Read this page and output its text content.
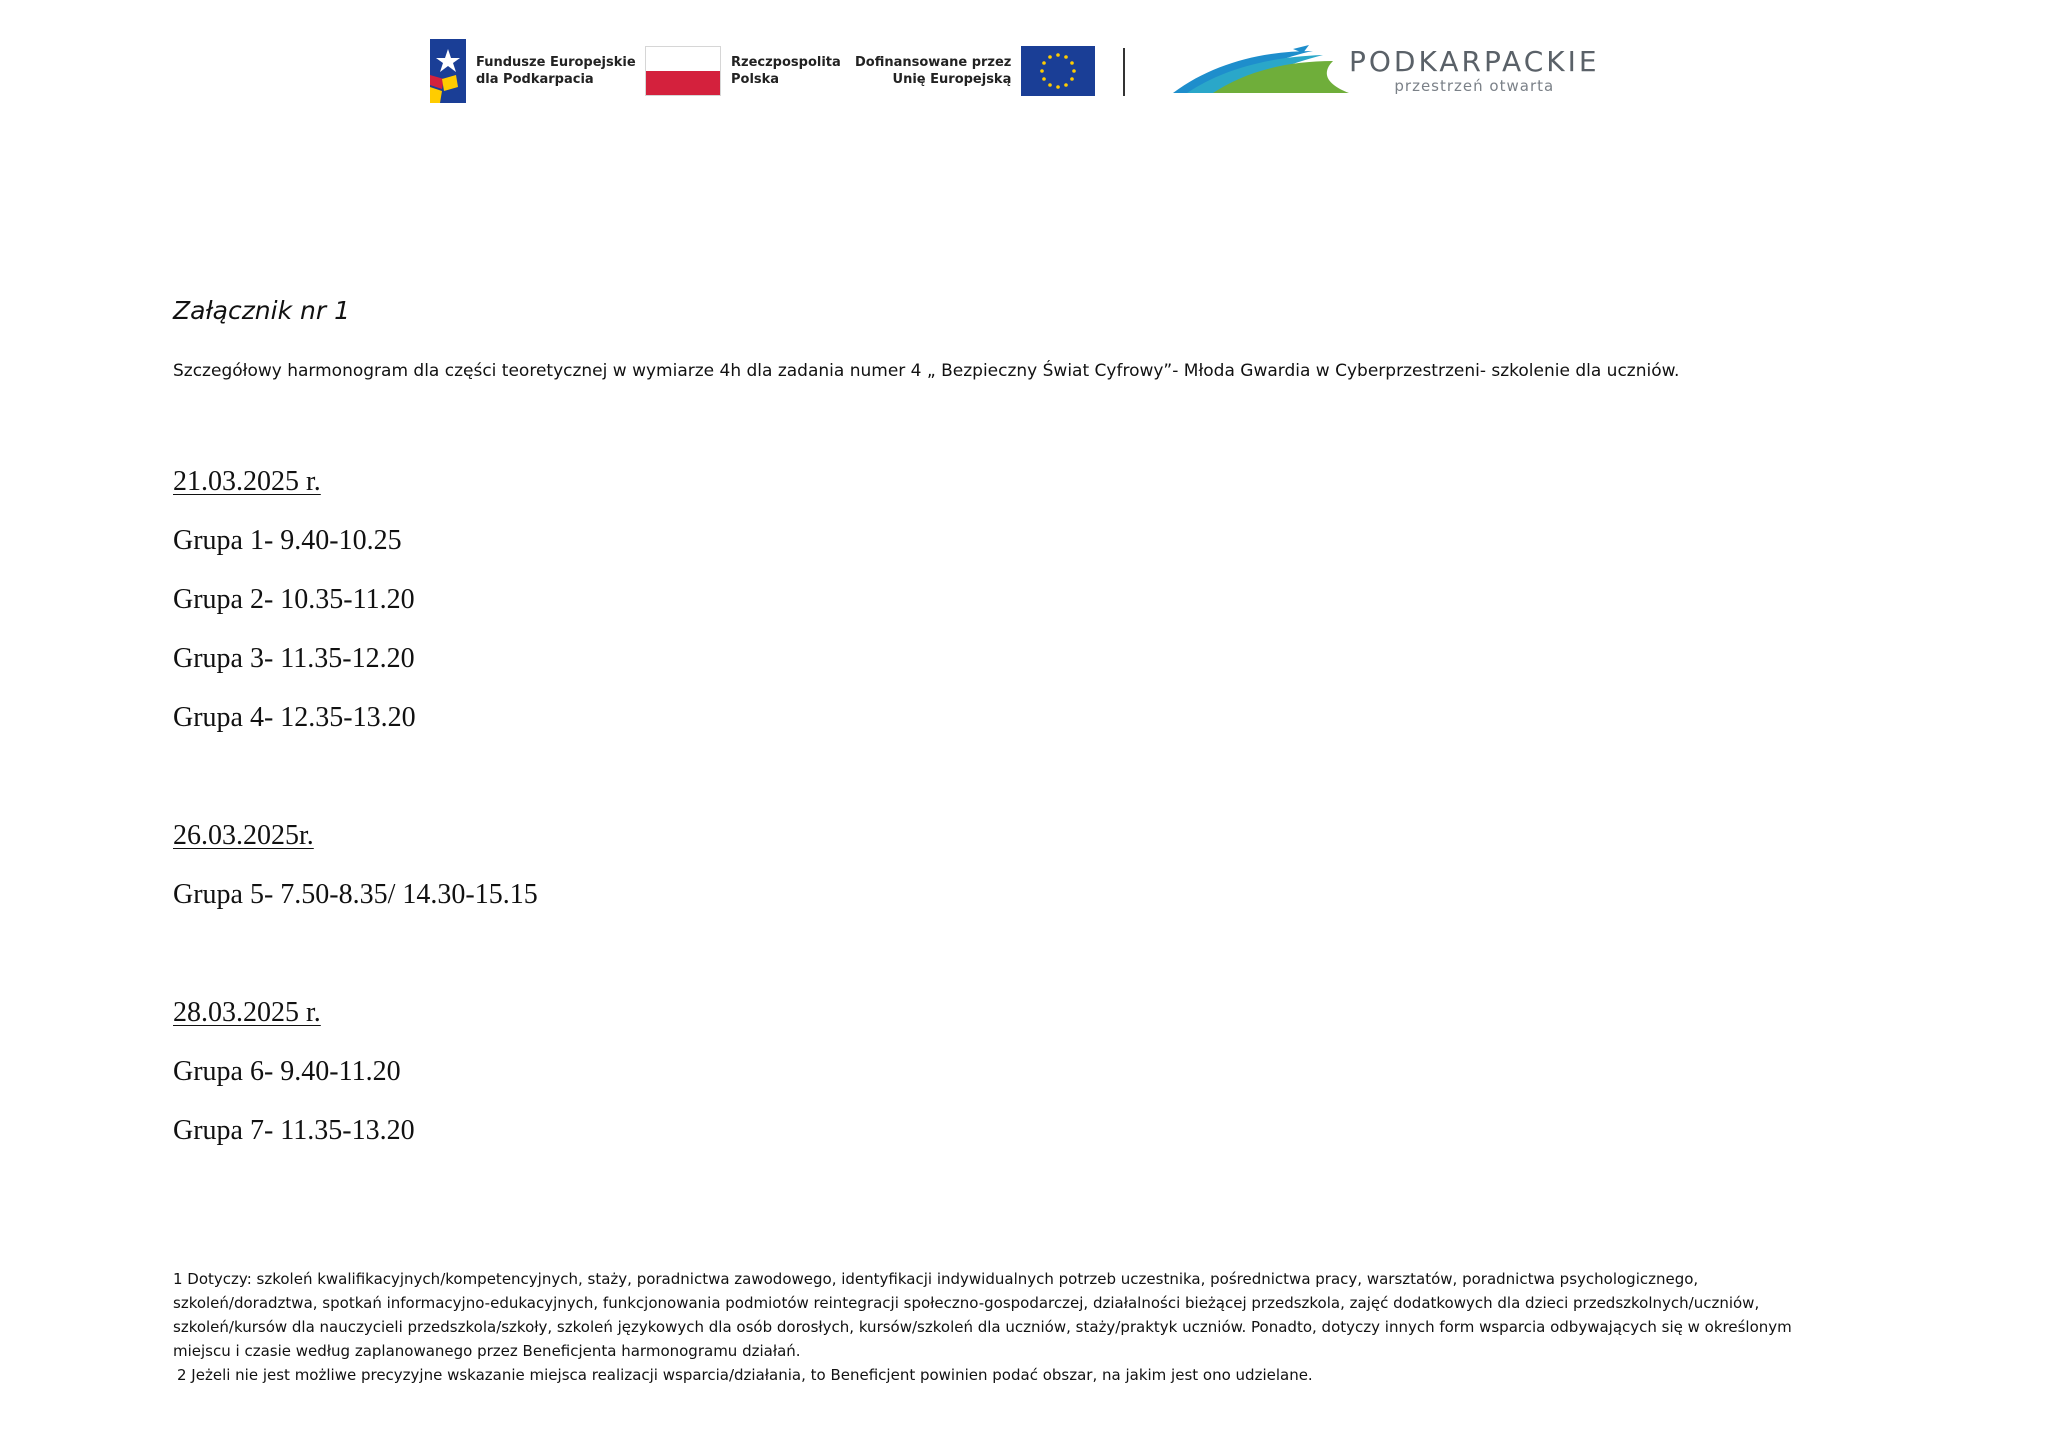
Fundusze Europejskie
dla Podkarpacia
Rzeczpospolita
Polska
Dofinansowane przez
Unię Europejską
PODKARPACKIE
przestrzeń otwarta
Załącznik nr 1
Szczegółowy harmonogram dla części teoretycznej w wymiarze 4h dla zadania numer 4 „ Bezpieczny Świat Cyfrowy”- Młoda Gwardia w Cyberprzestrzeni- szkolenie dla uczniów.
21.03.2025 r.
Grupa 1- 9.40-10.25
Grupa 2- 10.35-11.20
Grupa 3- 11.35-12.20
Grupa 4- 12.35-13.20
26.03.2025r.
Grupa 5- 7.50-8.35/ 14.30-15.15
28.03.2025 r.
Grupa 6- 9.40-11.20
Grupa 7- 11.35-13.20
1 Dotyczy: szkoleń kwalifikacyjnych/kompetencyjnych, staży, poradnictwa zawodowego, identyfikacji indywidualnych potrzeb uczestnika, pośrednictwa pracy, warsztatów, poradnictwa psychologicznego,
szkoleń/doradztwa, spotkań informacyjno-edukacyjnych, funkcjonowania podmiotów reintegracji społeczno-gospodarczej, działalności bieżącej przedszkola, zajęć dodatkowych dla dzieci przedszkolnych/uczniów,
szkoleń/kursów dla nauczycieli przedszkola/szkoły, szkoleń językowych dla osób dorosłych, kursów/szkoleń dla uczniów, staży/praktyk uczniów. Ponadto, dotyczy innych form wsparcia odbywających się w określonym
miejscu i czasie według zaplanowanego przez Beneficjenta harmonogramu działań.
2 Jeżeli nie jest możliwe precyzyjne wskazanie miejsca realizacji wsparcia/działania, to Beneficjent powinien podać obszar, na jakim jest ono udzielane.
